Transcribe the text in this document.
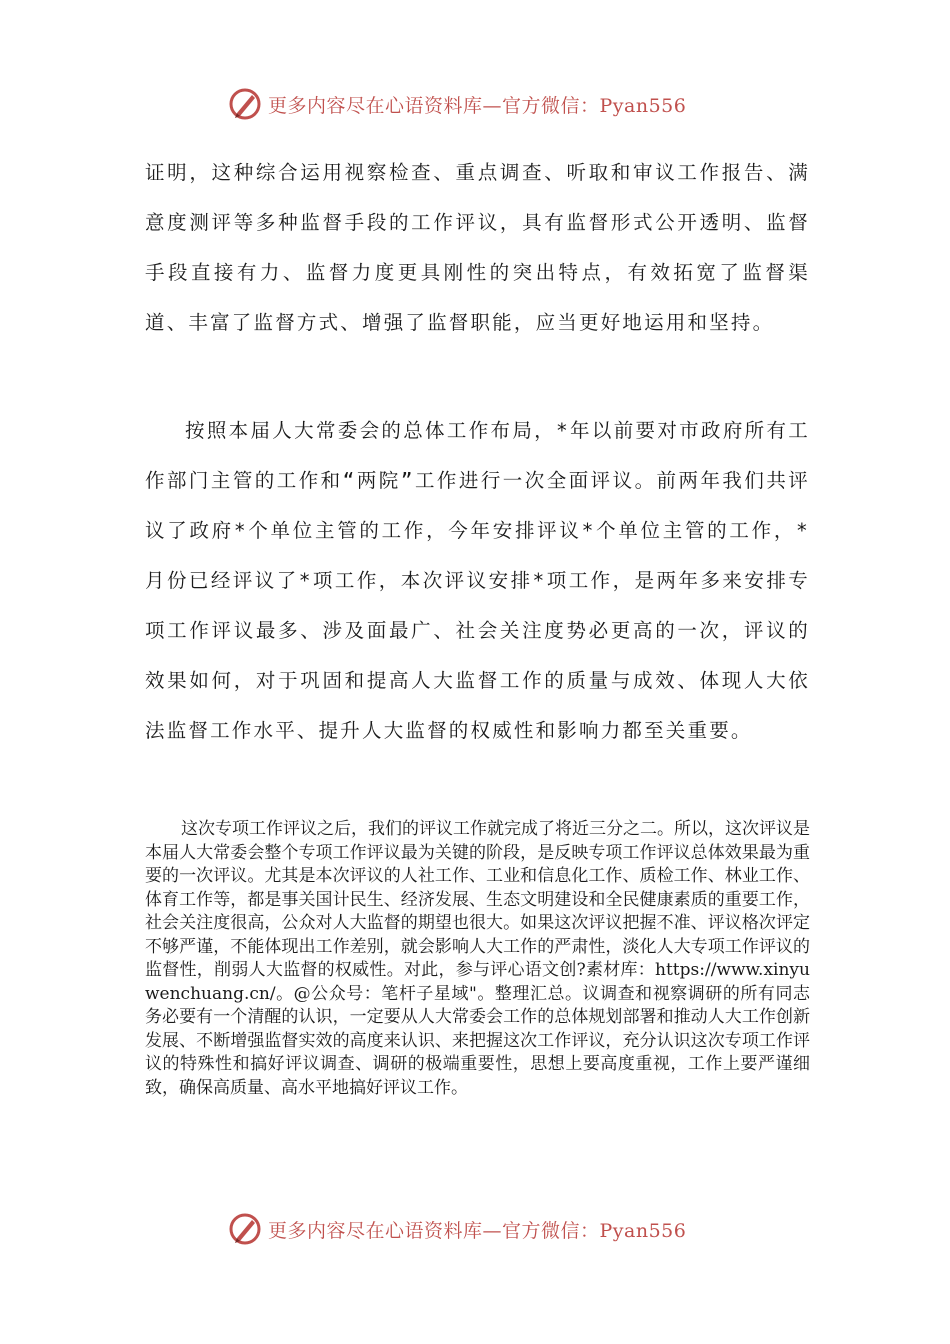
更多内容尽在心语资料库—官方微信：Pyan556

证明，这种综合运用视察检查、重点调查、听取和审议工作报告、满意度测评等多种监督手段的工作评议，具有监督形式公开透明、监督手段直接有力、监督力度更具刚性的突出特点，有效拓宽了监督渠道、丰富了监督方式、增强了监督职能，应当更好地运用和坚持。

按照本届人大常委会的总体工作布局，*年以前要对市政府所有工作部门主管的工作和“两院”工作进行一次全面评议。前两年我们共评议了政府*个单位主管的工作，今年安排评议*个单位主管的工作，*月份已经评议了*项工作，本次评议安排*项工作，是两年多来安排专项工作评议最多、涉及面最广、社会关注度势必更高的一次，评议的效果如何，对于巩固和提高人大监督工作的质量与成效、体现人大依法监督工作水平、提升人大监督的权威性和影响力都至关重要。

这次专项工作评议之后，我们的评议工作就完成了将近三分之二。所以，这次评议是本届人大常委会整个专项工作评议最为关键的阶段，是反映专项工作评议总体效果最为重要的一次评议。尤其是本次评议的人社工作、工业和信息化工作、质检工作、林业工作、体育工作等，都是事关国计民生、经济发展、生态文明建设和全民健康素质的重要工作，社会关注度很高，公众对人大监督的期望也很大。如果这次评议把握不准、评议格次评定不够严谨，不能体现出工作差别，就会影响人大工作的严肃性，淡化人大专项工作评议的监督性，削弱人大监督的权威性。对此，参与评心语文创?素材库：https://www.xinyuwenchuang.cn/。@公众号：笔杆子星域"。整理汇总。议调查和视察调研的所有同志务必要有一个清醒的认识，一定要从人大常委会工作的总体规划部署和推动人大工作创新发展、不断增强监督实效的高度来认识、来把握这次工作评议，充分认识这次专项工作评议的特殊性和搞好评议调查、调研的极端重要性，思想上要高度重视，工作上要严谨细致，确保高质量、高水平地搞好评议工作。

更多内容尽在心语资料库—官方微信：Pyan556
